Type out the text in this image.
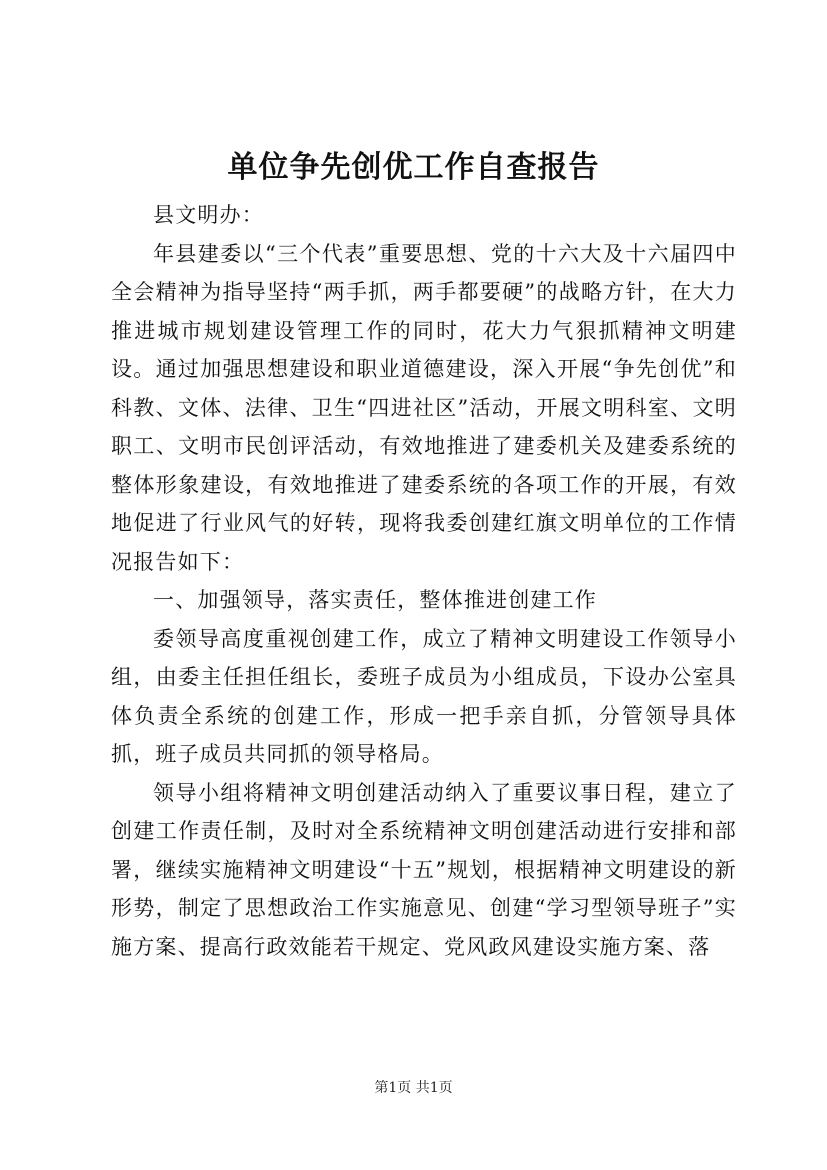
单位争先创优工作自查报告

县文明办：

年县建委以“三个代表”重要思想、党的十六大及十六届四中全会精神为指导坚持“两手抓，两手都要硬”的战略方针，在大力推进城市规划建设管理工作的同时，花大力气狠抓精神文明建设。通过加强思想建设和职业道德建设，深入开展“争先创优”和科教、文体、法律、卫生“四进社区”活动，开展文明科室、文明职工、文明市民创评活动，有效地推进了建委机关及建委系统的整体形象建设，有效地推进了建委系统的各项工作的开展，有效地促进了行业风气的好转，现将我委创建红旗文明单位的工作情况报告如下：

一、加强领导，落实责任，整体推进创建工作

委领导高度重视创建工作，成立了精神文明建设工作领导小组，由委主任担任组长，委班子成员为小组成员，下设办公室具体负责全系统的创建工作，形成一把手亲自抓，分管领导具体抓，班子成员共同抓的领导格局。

领导小组将精神文明创建活动纳入了重要议事日程，建立了创建工作责任制，及时对全系统精神文明创建活动进行安排和部署，继续实施精神文明建设“十五”规划，根据精神文明建设的新形势，制定了思想政治工作实施意见、创建“学习型领导班子”实施方案、提高行政效能若干规定、党风政风建设实施方案、落

第1页 共1页
